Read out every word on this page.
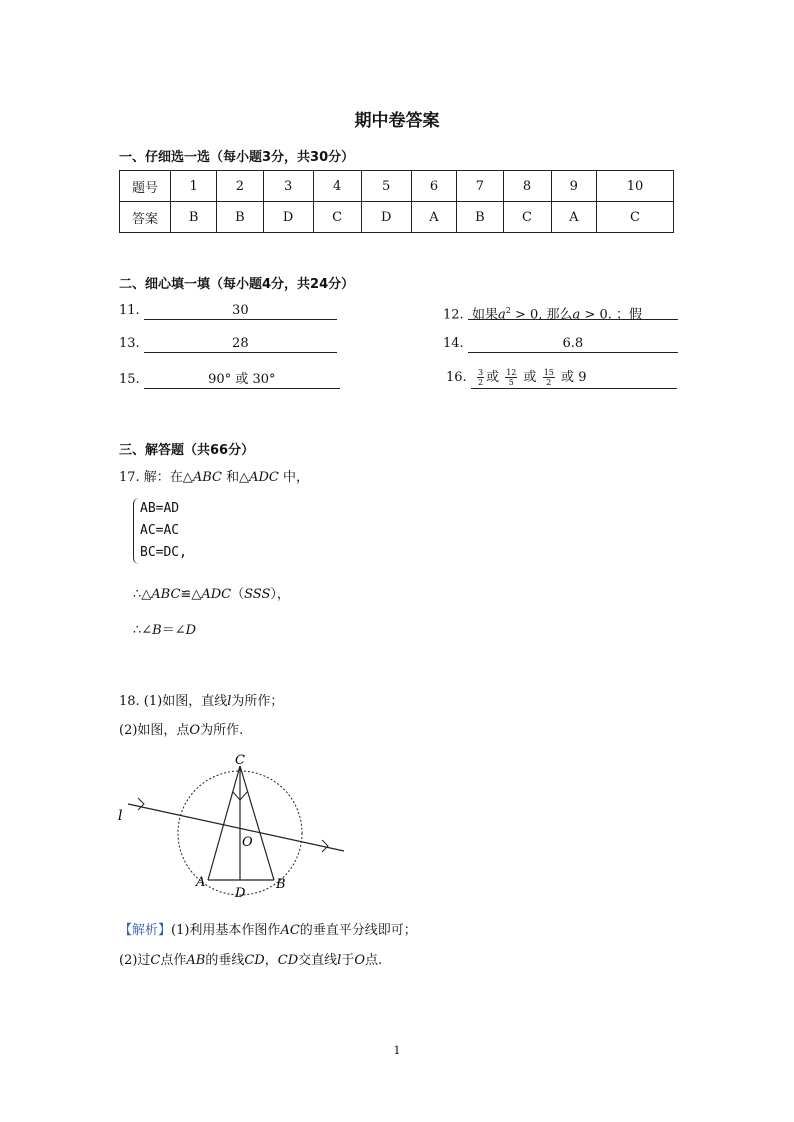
期中卷答案
一、仔细选一选（每小题3分，共30分）
题号	1	2	3	4	5	6	7	8	9	10
答案	B	B	D	C	D	A	B	C	A	C
二、细心填一填（每小题4分，共24分）
11.	30	12. 如果$a^2 > 0$, 那么a > 0. ；假
13.	28	14.	6.8
15.	90° 或 30°	16. $\frac{3}{2}$ 或 $\frac{12}{5}$ 或 $\frac{15}{2}$ 或 9
三、解答题（共66分）
17. 解：在△ABC 和△ADC 中，
AB=AD
AC=AC
BC=DC,
∴△ABC≌△ADC（SSS），
∴∠B＝∠D
18. (1)如图，直线l为所作；
(2)如图，点O为所作.
C
l
O
A
D
B
【解析】(1)利用基本作图作AC的垂直平分线即可；
(2)过C点作AB的垂线CD，CD交直线l于O点.
1
